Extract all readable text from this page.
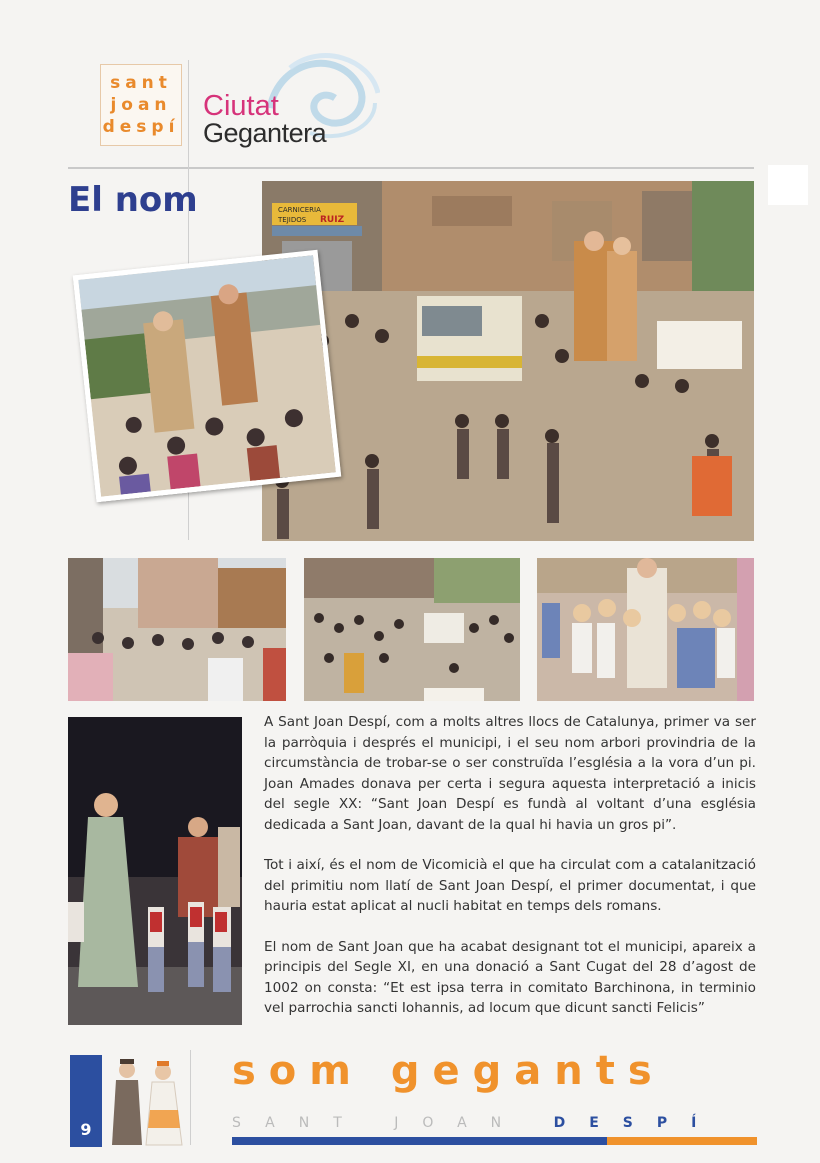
sant
joan
despí
Ciutat
Gegantera
El nom	CARNICERIA
TEJIDOS RUIZ

A Sant Joan Despí, com a molts altres llocs de Catalunya, primer va ser la parròquia i després el municipi, i el seu nom arbori provindria de la circumstància de trobar-se o ser construïda l’església a la vora d’un pi. Joan Amades donava per certa i segura aquesta interpretació a inicis del segle XX: “Sant Joan Despí es fundà al voltant d’una església dedicada a Sant Joan, davant de la qual hi havia un gros pi”.

Tot i així, és el nom de Vicomicià el que ha circulat com a catalanització del primitiu nom llatí de Sant Joan Despí, el primer documentat, i que hauria estat aplicat al nucli habitat en temps dels romans.

El nom de Sant Joan que ha acabat designant tot el municipi, apareix a principis del Segle XI, en una donació a Sant Cugat del 28 d’agost de 1002 on consta: “Et est ipsa terra in comitato Barchinona, in terminio vel parrochia sancti Iohannis, ad locum que dicunt sancti Felicis”

9
som gegants
SANT JOAN DESPÍ
